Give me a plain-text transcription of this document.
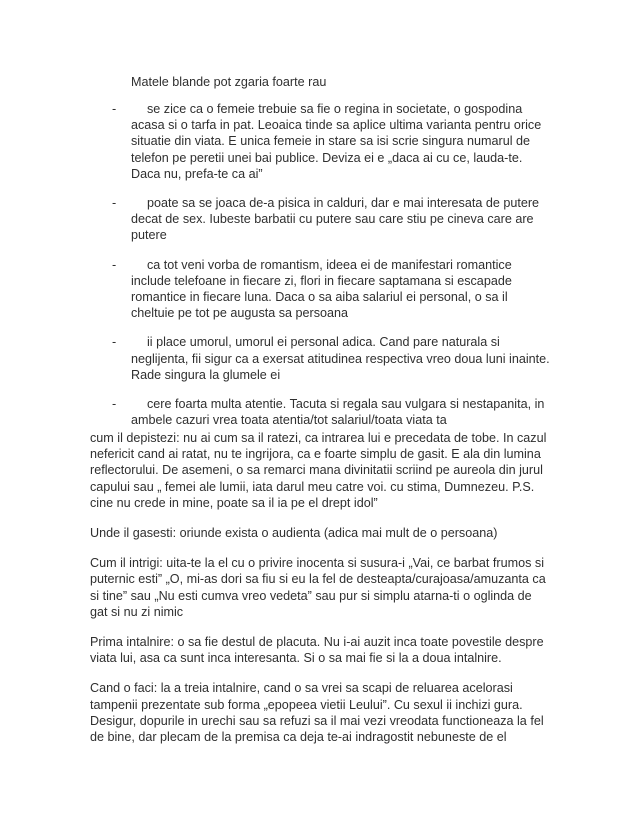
Matele blande pot zgaria foarte rau

-	se zice ca o femeie trebuie sa fie o regina in societate, o gospodina acasa si o tarfa in pat. Leoaica tinde sa aplice ultima varianta pentru orice situatie din viata. E unica femeie in stare sa isi scrie singura numarul de telefon pe peretii unei bai publice. Deviza ei e „daca ai cu ce, lauda-te. Daca nu, prefa-te ca ai”

-	poate sa se joaca de-a pisica in calduri, dar e mai interesata de putere decat de sex. Iubeste barbatii cu putere sau care stiu pe cineva care are putere

-	ca tot veni vorba de romantism, ideea ei de manifestari romantice include telefoane in fiecare zi, flori in fiecare saptamana si escapade romantice in fiecare luna. Daca o sa aiba salariul ei personal, o sa il cheltuie pe tot pe augusta sa persoana

-	ii place umorul, umorul ei personal adica. Cand pare naturala si neglijenta, fii sigur ca a exersat atitudinea respectiva vreo doua luni inainte. Rade singura la glumele ei

-	cere foarta multa atentie. Tacuta si regala sau vulgara si nestapanita, in ambele cazuri vrea toata atentia/tot salariul/toata viata ta

cum il depistezi: nu ai cum sa il ratezi, ca intrarea lui e precedata de tobe. In cazul nefericit cand ai ratat, nu te ingrijora, ca e foarte simplu de gasit. E ala din lumina reflectorului. De asemeni, o sa remarci mana divinitatii scriind pe aureola din jurul capului sau „ femei ale lumii, iata darul meu catre voi. cu stima, Dumnezeu. P.S. cine nu crede in mine, poate sa il ia pe el drept idol”

Unde il gasesti: oriunde exista o audienta (adica mai mult de o persoana)

Cum il intrigi: uita-te la el cu o privire inocenta si susura-i „Vai, ce barbat frumos si puternic esti” „O, mi-as dori sa fiu si eu la fel de desteapta/curajoasa/amuzanta ca si tine” sau „Nu esti cumva vreo vedeta” sau pur si simplu atarna-ti o oglinda de gat si nu zi nimic

Prima intalnire: o sa fie destul de placuta. Nu i-ai auzit inca toate povestile despre viata lui, asa ca sunt inca interesanta. Si o sa mai fie si la a doua intalnire.

Cand o faci: la a treia intalnire, cand o sa vrei sa scapi de reluarea acelorasi tampenii prezentate sub forma „epopeea vietii Leului”. Cu sexul ii inchizi gura. Desigur, dopurile in urechi sau sa refuzi sa il mai vezi vreodata functioneaza la fel de bine, dar plecam de la premisa ca deja te-ai indragostit nebuneste de el
